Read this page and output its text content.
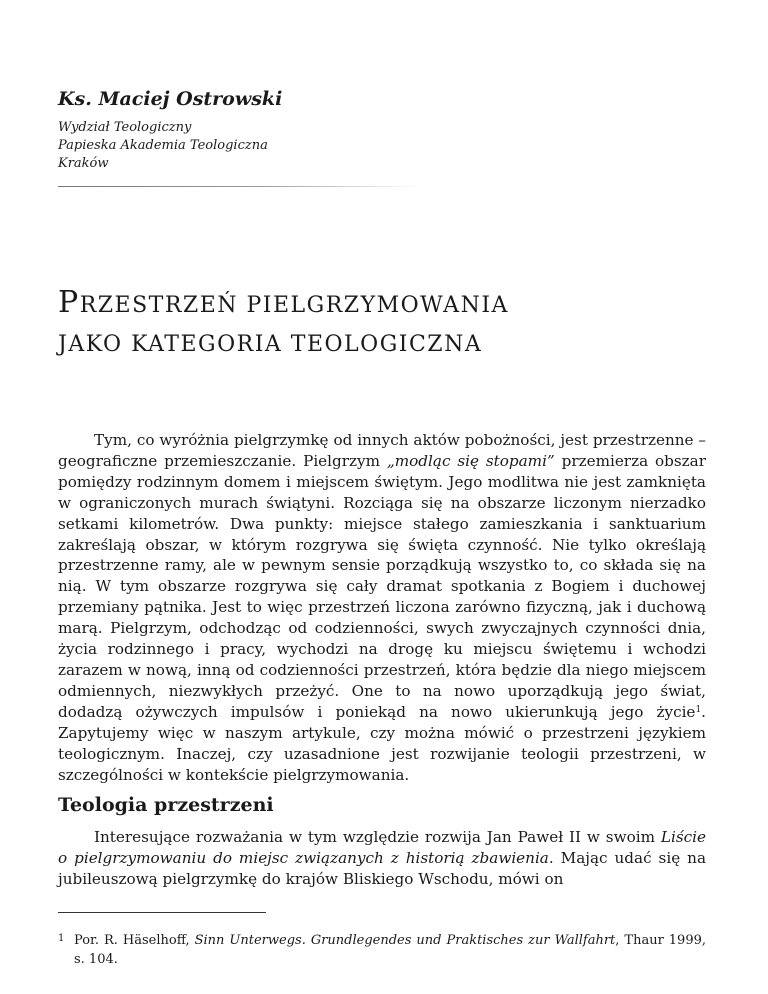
Ks. Maciej Ostrowski
Wydział Teologiczny
Papieska Akademia Teologiczna
Kraków
PRZESTRZEŃ PIELGRZYMOWANIA
JAKO KATEGORIA TEOLOGICZNA

Tym, co wyróżnia pielgrzymkę od innych aktów pobożności, jest przestrzenne – geograficzne przemieszczanie. Pielgrzym „modląc się stopami” przemierza obszar pomiędzy rodzinnym domem i miejscem świętym. Jego modlitwa nie jest zamknięta w ograniczonych murach świątyni. Rozciąga się na obszarze liczonym nierzadko setkami kilometrów. Dwa punkty: miejsce stałego zamieszkania i sanktuarium zakreślają obszar, w którym rozgrywa się święta czynność. Nie tylko określają przestrzenne ramy, ale w pewnym sensie porządkują wszystko to, co składa się na nią. W tym obszarze rozgrywa się cały dramat spotkania z Bogiem i duchowej przemiany pątnika. Jest to więc przestrzeń liczona zarówno fizyczną, jak i duchową marą. Pielgrzym, odchodząc od codzienności, swych zwyczajnych czynności dnia, życia rodzinnego i pracy, wychodzi na drogę ku miejscu świętemu i wchodzi zarazem w nową, inną od codzienności przestrzeń, która będzie dla niego miejscem odmiennych, niezwykłych przeżyć. One to na nowo uporządkują jego świat, dodadzą ożywczych impulsów i poniekąd na nowo ukierunkują jego życie$^1$. Zapytujemy więc w naszym artykule, czy można mówić o przestrzeni językiem teologicznym. Inaczej, czy uzasadnione jest rozwijanie teologii przestrzeni, w szczególności w kontekście pielgrzymowania.

Teologia przestrzeni

Interesujące rozważania w tym względzie rozwija Jan Paweł II w swoim Liście o pielgrzymowaniu do miejsc związanych z historią zbawienia. Mając udać się na jubileuszową pielgrzymkę do krajów Bliskiego Wschodu, mówi on

1 Por. R. Häselhoff, Sinn Unterwegs. Grundlegendes und Praktisches zur Wallfahrt, Thaur 1999, s. 104.
